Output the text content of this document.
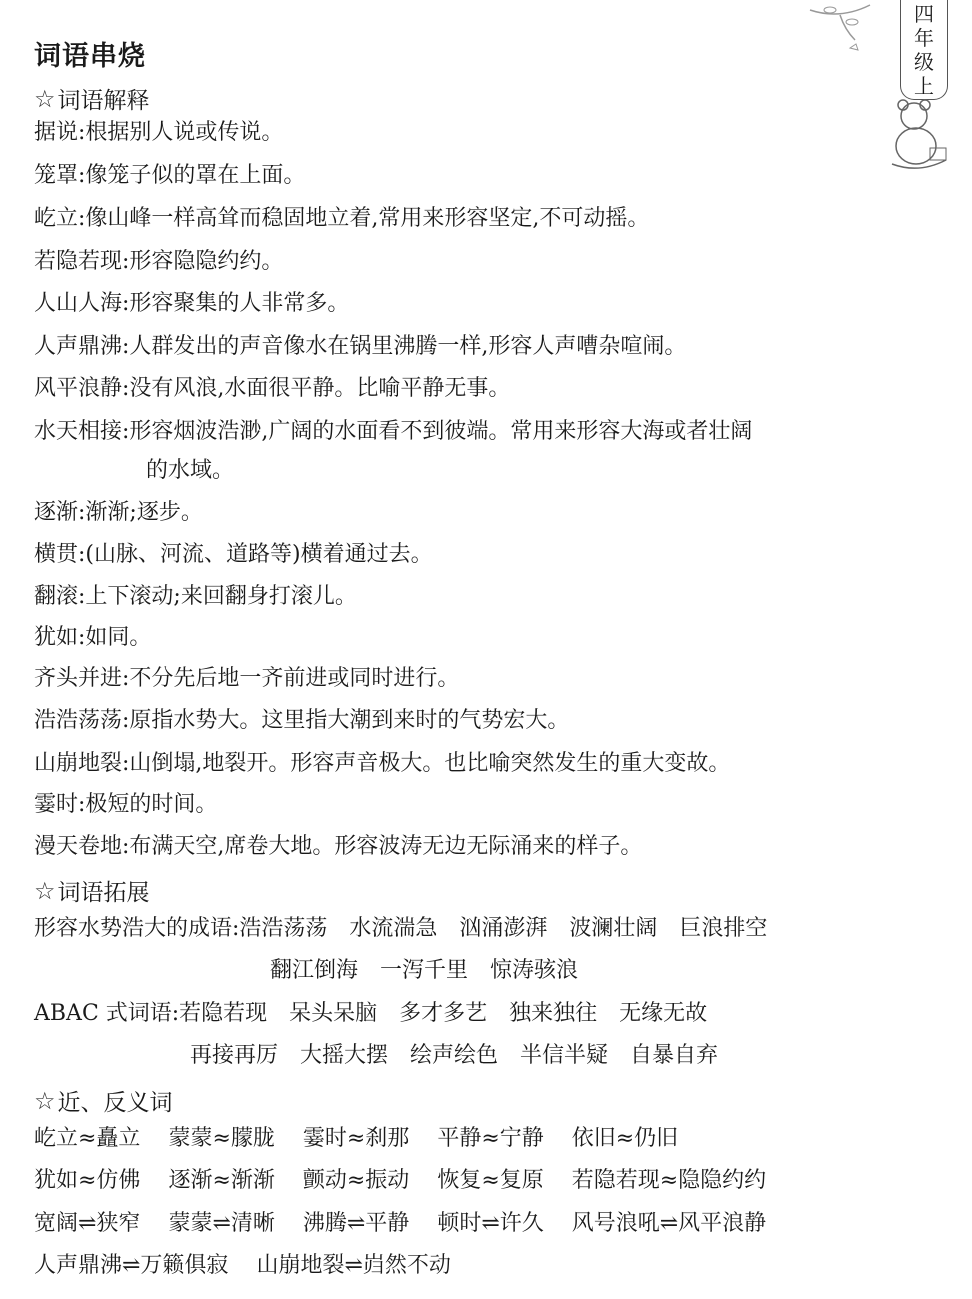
四
年
级
上
词语串烧
☆ 词语解释
据说:根据别人说或传说。
笼罩:像笼子似的罩在上面。
屹立:像山峰一样高耸而稳固地立着,常用来形容坚定,不可动摇。
若隐若现:形容隐隐约约。
人山人海:形容聚集的人非常多。
人声鼎沸:人群发出的声音像水在锅里沸腾一样,形容人声嘈杂喧闹。
风平浪静:没有风浪,水面很平静。比喻平静无事。
水天相接:形容烟波浩渺,广阔的水面看不到彼端。常用来形容大海或者壮阔
的水域。
逐渐:渐渐;逐步。
横贯:(山脉、河流、道路等)横着通过去。
翻滚:上下滚动;来回翻身打滚儿。
犹如:如同。
齐头并进:不分先后地一齐前进或同时进行。
浩浩荡荡:原指水势大。这里指大潮到来时的气势宏大。
山崩地裂:山倒塌,地裂开。形容声音极大。也比喻突然发生的重大变故。
霎时:极短的时间。
漫天卷地:布满天空,席卷大地。形容波涛无边无际涌来的样子。
☆ 词语拓展
形容水势浩大的成语:浩浩荡荡　水流湍急　汹涌澎湃　波澜壮阔　巨浪排空
翻江倒海　一泻千里　惊涛骇浪
ABAC 式词语:若隐若现　呆头呆脑　多才多艺　独来独往　无缘无故
再接再厉　大摇大摆　绘声绘色　半信半疑　自暴自弃
☆ 近、反义词
屹立≈矗立 蒙蒙≈朦胧 霎时≈刹那 平静≈宁静 依旧≈仍旧
犹如≈仿佛 逐渐≈渐渐 颤动≈振动 恢复≈复原 若隐若现≈隐隐约约
宽阔⇌狭窄 蒙蒙⇌清晰 沸腾⇌平静 顿时⇌许久 风号浪吼⇌风平浪静
人声鼎沸⇌万籁俱寂 山崩地裂⇌岿然不动
